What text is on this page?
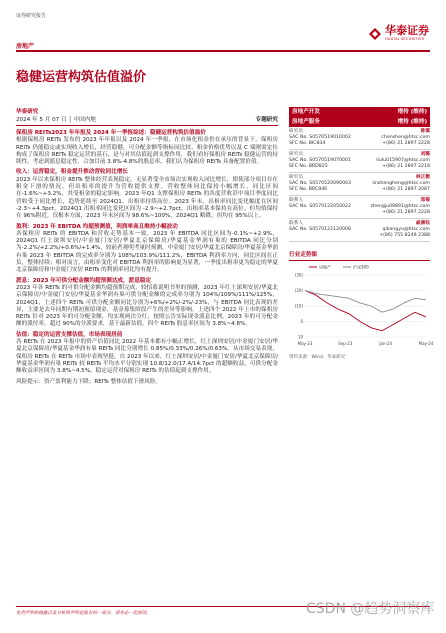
证券研究报告
房地产
华泰证券
HUATAI SECURITIES
稳健运营构筑估值溢价
华泰研究
2024 年 5 月 07 日 │ 中国内地	专题研究
保租房 REITs2023 年年报及 2024 年一季报综述：稳健运营构筑估值溢价
根据保租房 REITs 发布的 2023 年年报以及 2024 年一季报，在市场化租金仍在承压的背景下，保租房 REITs 仍能稳定或实现收入增长，经营稳健，可分配金额等指标同比较，租金价格优势以及 C 端刚需定位构成了保租房 REITs 稳定运营的基石，是与对其估值起到支撑作用，我们看好保租房 REITs 稳健运营的持续性，考虑到派息稳定性，合加目前 3.8%-4.8%的股息率，我们认为保租房 REITs 具备配置价值。
收入：运营稳定，租金提升推动营收同比增长
2023 年以来保租房 REITs 整体经营表现稳定，无显著受全市场次实现收入同比增长，即使部分项目存在租金下滑的情况，但出租率的提升为营收提供支撑。营收整体同比保持小幅增长，同比区间在-1.6%~+3.2%，其受租金的稳定影响。2023 年Q1 支撑保租房 REITs 的各度营收甚中项目季度同比营收受于同比增长，趋势延续至 2024Q1，出租率持续高位。2023 年末，出租率同比变化幅度在区间 -2.3~+4.3pct，2024Q1 出租率同比变化区间为 -2.9~+2.7pct，出租率基本保持在高位。但均值保持在 96%附近，仅根本方面，2023 年末区间为 98.6%~100%，2024Q1 略降，但均在 95%以上。
盈利：2023 年 EBITDA 均超预测值，利润率高且维持小幅波动
各保租房 REITs 的 EBITDA 和营收走势基本一致，2023 年 EBITDA 同比区间为-0.1%~+2.9%，2024Q1 红土深圳安居/中金厦门安居/华夏北京保障房/华夏基金华润有巢的 EBITDA 同比分别为-2.2%/+2.2%/+0.6%/+1.4%，较前者观明考量时预测，中金厦门安居/华夏北京保障房/华夏基金华润有巢 2023 年 EBITDA 的完成率分别为 108%/103.9%/111.2%，EBITDA 利润率方向，同比区间在正负，整体持续；相对而言，由租率变化对 EBITDA 利润率的影响更为显著，一季度出租率更为稳定的华夏北京保障房和中金厦门安居 REITs 的利润率同比均有提升。
派息：2023 年可供分配金额均超预测达成，派息稳定
2023 年各 REITs 的可供分配金额均超预期完成，较招募说明书里的预测，2023 年红土深圳安居/华夏北京保障房/中金厦门安居/华夏基金华润有巢可供分配金额的完成率分别为 104%/109%/111%/125%，2024Q1，上述四个 REITs 可供分配金额同比分别为+6%/+2%/-2%/-23%，与 EBITDA 同比表现的差异，主要是去年同期有期初预留现金，基金募集阶段产生的差异等影响。上述四个 2022 年上市的保租房 REITs 针对 2023 年的可分配金额，均实现两次分红，按照公告实际现金派息比例，2023 年的可分配金额的派付率，超过 90%的分派要求，基于最新估值，四个 REITs 股息率区间为 3.8%~4.8%。
估值：稳定的运营支撑估值，市场表现居前
各 REITs 在 2023 年报中的资产估值同比 2022 年基本都有小幅正增长，红土深圳安居/中金厦门安居/华夏北京保障房/华夏基金华润有巢 REITs 同比分别增长 0.85%/0.33%/0.26%/0.63%。从市场交易表现，保租房 REITs 在 REITs 市场中表现坚挺，自 2023 年以来，红土深圳安居/中金厦门安居/华夏北京保障房/华夏基金华润有巢 REITs 较 REITs 平均水平分别实现 10.8/12.0/17.4/14.7pct 的超额收益，可供分配金额收益率区间为 3.8%~4.5%，稳定运营对保租房 REITs 的估值起到支撑作用。
风险提示：资产盈利能力下降；REITs 整体估值下滑风险。
房地产开发	增持 (维持)
房地产服务	增持 (维持)
研究员	陈慎
SAC No. S0570519010002	chenshen@htsc.com
SFC No. BIC834	+(86) 21 2897 2228
研究员	刘璐
SAC No. S0570519070001	liulu015907@htsc.com
SFC No. BRD825	+(86) 21 2897 2218
研究员	林正衡
SAC No. S0570520090003	linzhengheng@htsc.com
SFC No. BRC946	+(86) 21 2897 2087
联系人	郑菊
SAC No. S0570122050022	zhengju09891@htsc.com
+(86) 21 2897 2228
联系人	戚康钰
SAC No. S0570122120008	qikangyu@htsc.com
+(86) 755 8249 2388
行业走势图
10
0
(10)
(20)
(30)
May-23	Sep-23	Jan-24	May-24
房地产	沪深300
资料来源：Wind，华泰研究
免责声明和披露以及分析师声明是报告的一部分，请务必一起阅读。	CSDN @趋势洞察库
